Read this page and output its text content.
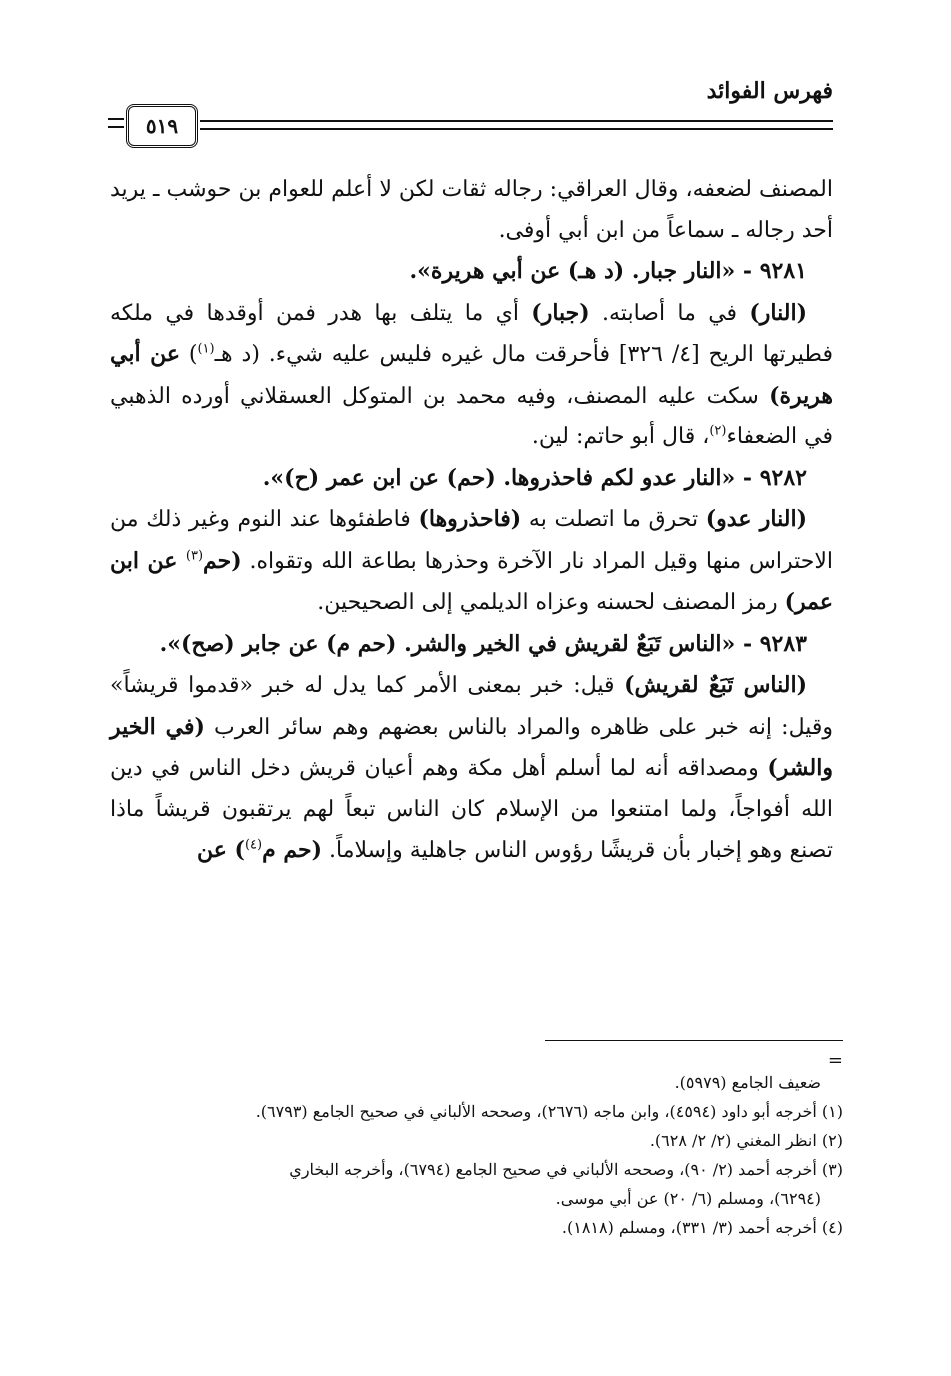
فهرس الفوائد
٥١٩

المصنف لضعفه، وقال العراقي: رجاله ثقات لكن لا أعلم للعوام بن حوشب ـ يريد أحد رجاله ـ سماعاً من ابن أبي أوفى.

٩٢٨١ - «النار جبار. (د هـ) عن أبي هريرة».

(النار) في ما أصابته. (جبار) أي ما يتلف بها هدر فمن أوقدها في ملكه فطيرتها الريح [٤/ ٣٢٦] فأحرقت مال غيره فليس عليه شيء. (د هـ$^{(١)}$) عن أبي هريرة) سكت عليه المصنف، وفيه محمد بن المتوكل العسقلاني أورده الذهبي في الضعفاء$^{(٢)}$، قال أبو حاتم: لين.

٩٢٨٢ - «النار عدو لكم فاحذروها. (حم) عن ابن عمر (ح)».

(النار عدو) تحرق ما اتصلت به (فاحذروها) فاطفئوها عند النوم وغير ذلك من الاحتراس منها وقيل المراد نار الآخرة وحذرها بطاعة الله وتقواه. (حم$^{(٣)}$ عن ابن عمر) رمز المصنف لحسنه وعزاه الديلمي إلى الصحيحين.

٩٢٨٣ - «الناس تَبَعٌ لقريش في الخير والشر. (حم م) عن جابر (صح)».

(الناس تَبَعٌ لقريش) قيل: خبر بمعنى الأمر كما يدل له خبر «قدموا قريشاً» وقيل: إنه خبر على ظاهره والمراد بالناس بعضهم وهم سائر العرب (في الخير والشر) ومصداقه أنه لما أسلم أهل مكة وهم أعيان قريش دخل الناس في دين الله أفواجاً، ولما امتنعوا من الإسلام كان الناس تبعاً لهم يرتقبون قريشاً ماذا تصنع وهو إخبار بأن قريشًا رؤوس الناس جاهلية وإسلاماً. (حم م$^{(٤)}$) عن

=

ضعيف الجامع (٥٩٧٩).

(١) أخرجه أبو داود (٤٥٩٤)، وابن ماجه (٢٦٧٦)، وصححه الألباني في صحيح الجامع (٦٧٩٣).

(٢) انظر المغني (٢/ ٢/ ٦٢٨).

(٣) أخرجه أحمد (٢/ ٩٠)، وصححه الألباني في صحيح الجامع (٦٧٩٤)، وأخرجه البخاري

(٦٢٩٤)، ومسلم (٦/ ٢٠) عن أبي موسى.

(٤) أخرجه أحمد (٣/ ٣٣١)، ومسلم (١٨١٨).
